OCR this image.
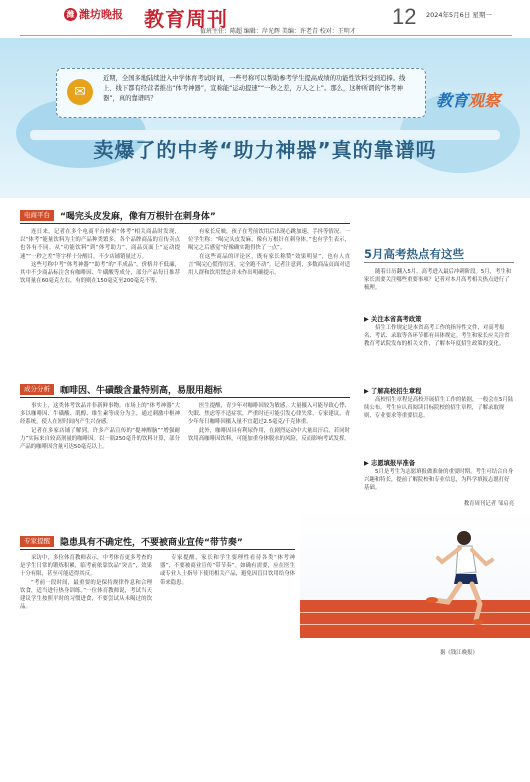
潍 潍坊晚报 教育周刊	12 2024年5月6日 星期一
值班主任：陈超 编辑：岸光辉 美编：许老青 校对：王明才
✉
近期，全国多地陆续进入中学体育考试时间，一些号称可以帮助参考学生提高成绩的功能性饮料受到追捧。线上、线下都有经营者推出“体考神器”，宣称能“运动提速”“一秒之差，万人之上”。那么，这种所谓的“体考神器”，真的靠谱吗？	教育观察
卖爆了的中考“助力神器”真的靠谱吗
电商平台	“喝完头皮发麻，像有万根针在刺身体”

连日来，记者在多个电商平台检索“体考”相关商品时发现，以“体考”能量饮料为主的产品种类繁多，各个品牌商品的宣传卖点也各有不同。从“功能饮料”到“体考助力”，商品页面上“运动提速”“一秒之差”等字样十分醒目，不少店铺销量过万。

这些号称中考“体考神器”“助考”的“半成品”，价格并不低廉，其中不少商品标注含有咖啡因、牛磺酸等成分，部分产品每日推荐饮用量在60毫克左右，有的则在150毫克至200毫克不等。

有家长反映，孩子在考前饮用后出现心跳加速、手抖等情况。一位学生称：“喝完头皮发麻，像有万根针在刺身体。”也有学生表示，喝完之后感觉“好像确实跑得快了一点”。

在这些商品的评论区，既有家长称赞“效果明显”，也有人直言“喝完心慌得厉害，完全跑不动”。记者注意到，多数商品页面对适用人群和饮用禁忌并未作出明确提示。

成分分析	咖啡因、牛磺酸含量特别高，易服用超标

事实上，这类体考饮品并非新鲜事物。市场上的“体考神器”大多以咖啡因、牛磺酸、肌醇、维生素等成分为主，通过刺激中枢神经系统，使人在短时间内产生兴奋感。

记者在多家店铺了解到，许多产品宣传的“提神醒脑”“增强耐力”实际来自较高剂量的咖啡因。以一瓶250毫升的饮料计算，部分产品的咖啡因含量可达50毫克以上。

医生提醒，青少年对咖啡因较为敏感，大量摄入可能导致心悸、失眠、焦虑等不适症状，严重时还可能引发心律失常。专家建议，青少年每日咖啡因摄入量不宜超过2.5毫克/千克体重。

此外，咖啡因具有利尿作用，在剧烈运动中大量出汗后，若同时饮用高咖啡因饮料，可能加重身体脱水的风险，反而影响考试发挥。

专家提醒	隐患具有不确定性，不要被商业宣传“带节奏”

采访中，多位体育教师表示，中考体育更多考查的是学生日常的锻炼积累，临考前依靠饮品“突击”，效果十分有限，甚至可能适得其反。

“考前一段时间，最重要的是保持规律作息和合理饮食，适当进行热身训练。”一位体育教师说，考试当天建议学生按照平时的习惯进食，不要尝试从未喝过的饮品。

专家提醒，家长和学生要理性看待各类“体考神器”，不要被商业宣传“带节奏”。如确有需要，应在医生或专业人士指导下使用相关产品，避免因盲目饮用给身体带来隐患。

据《钱江晚报》
5月高考热点有这些
随着日历翻入5月，高考进入最后冲刺阶段。5月，考生和家长需要关注哪些重要事项？记者对本月高考相关热点进行了梳理。
▶ 关注本省高考政策
招生工作规定是本省高考工作的指导性文件，对高考报名、考试、录取等各环节都有具体规定。考生和家长应关注省教育考试院发布的相关文件，了解本年度招生政策的变化。
▶ 了解高校招生章程
高校招生章程是高校开展招生工作的依据，一般会在5月陆续公布。考生应认真阅读目标院校的招生章程，了解录取规则、专业要求等重要信息。
▶ 志愿填报早准备
5月是考生为志愿填报做准备的重要时期。考生可结合自身兴趣和特长，提前了解院校和专业信息，为科学填报志愿打好基础。
教育周刊记者 邹启亮
